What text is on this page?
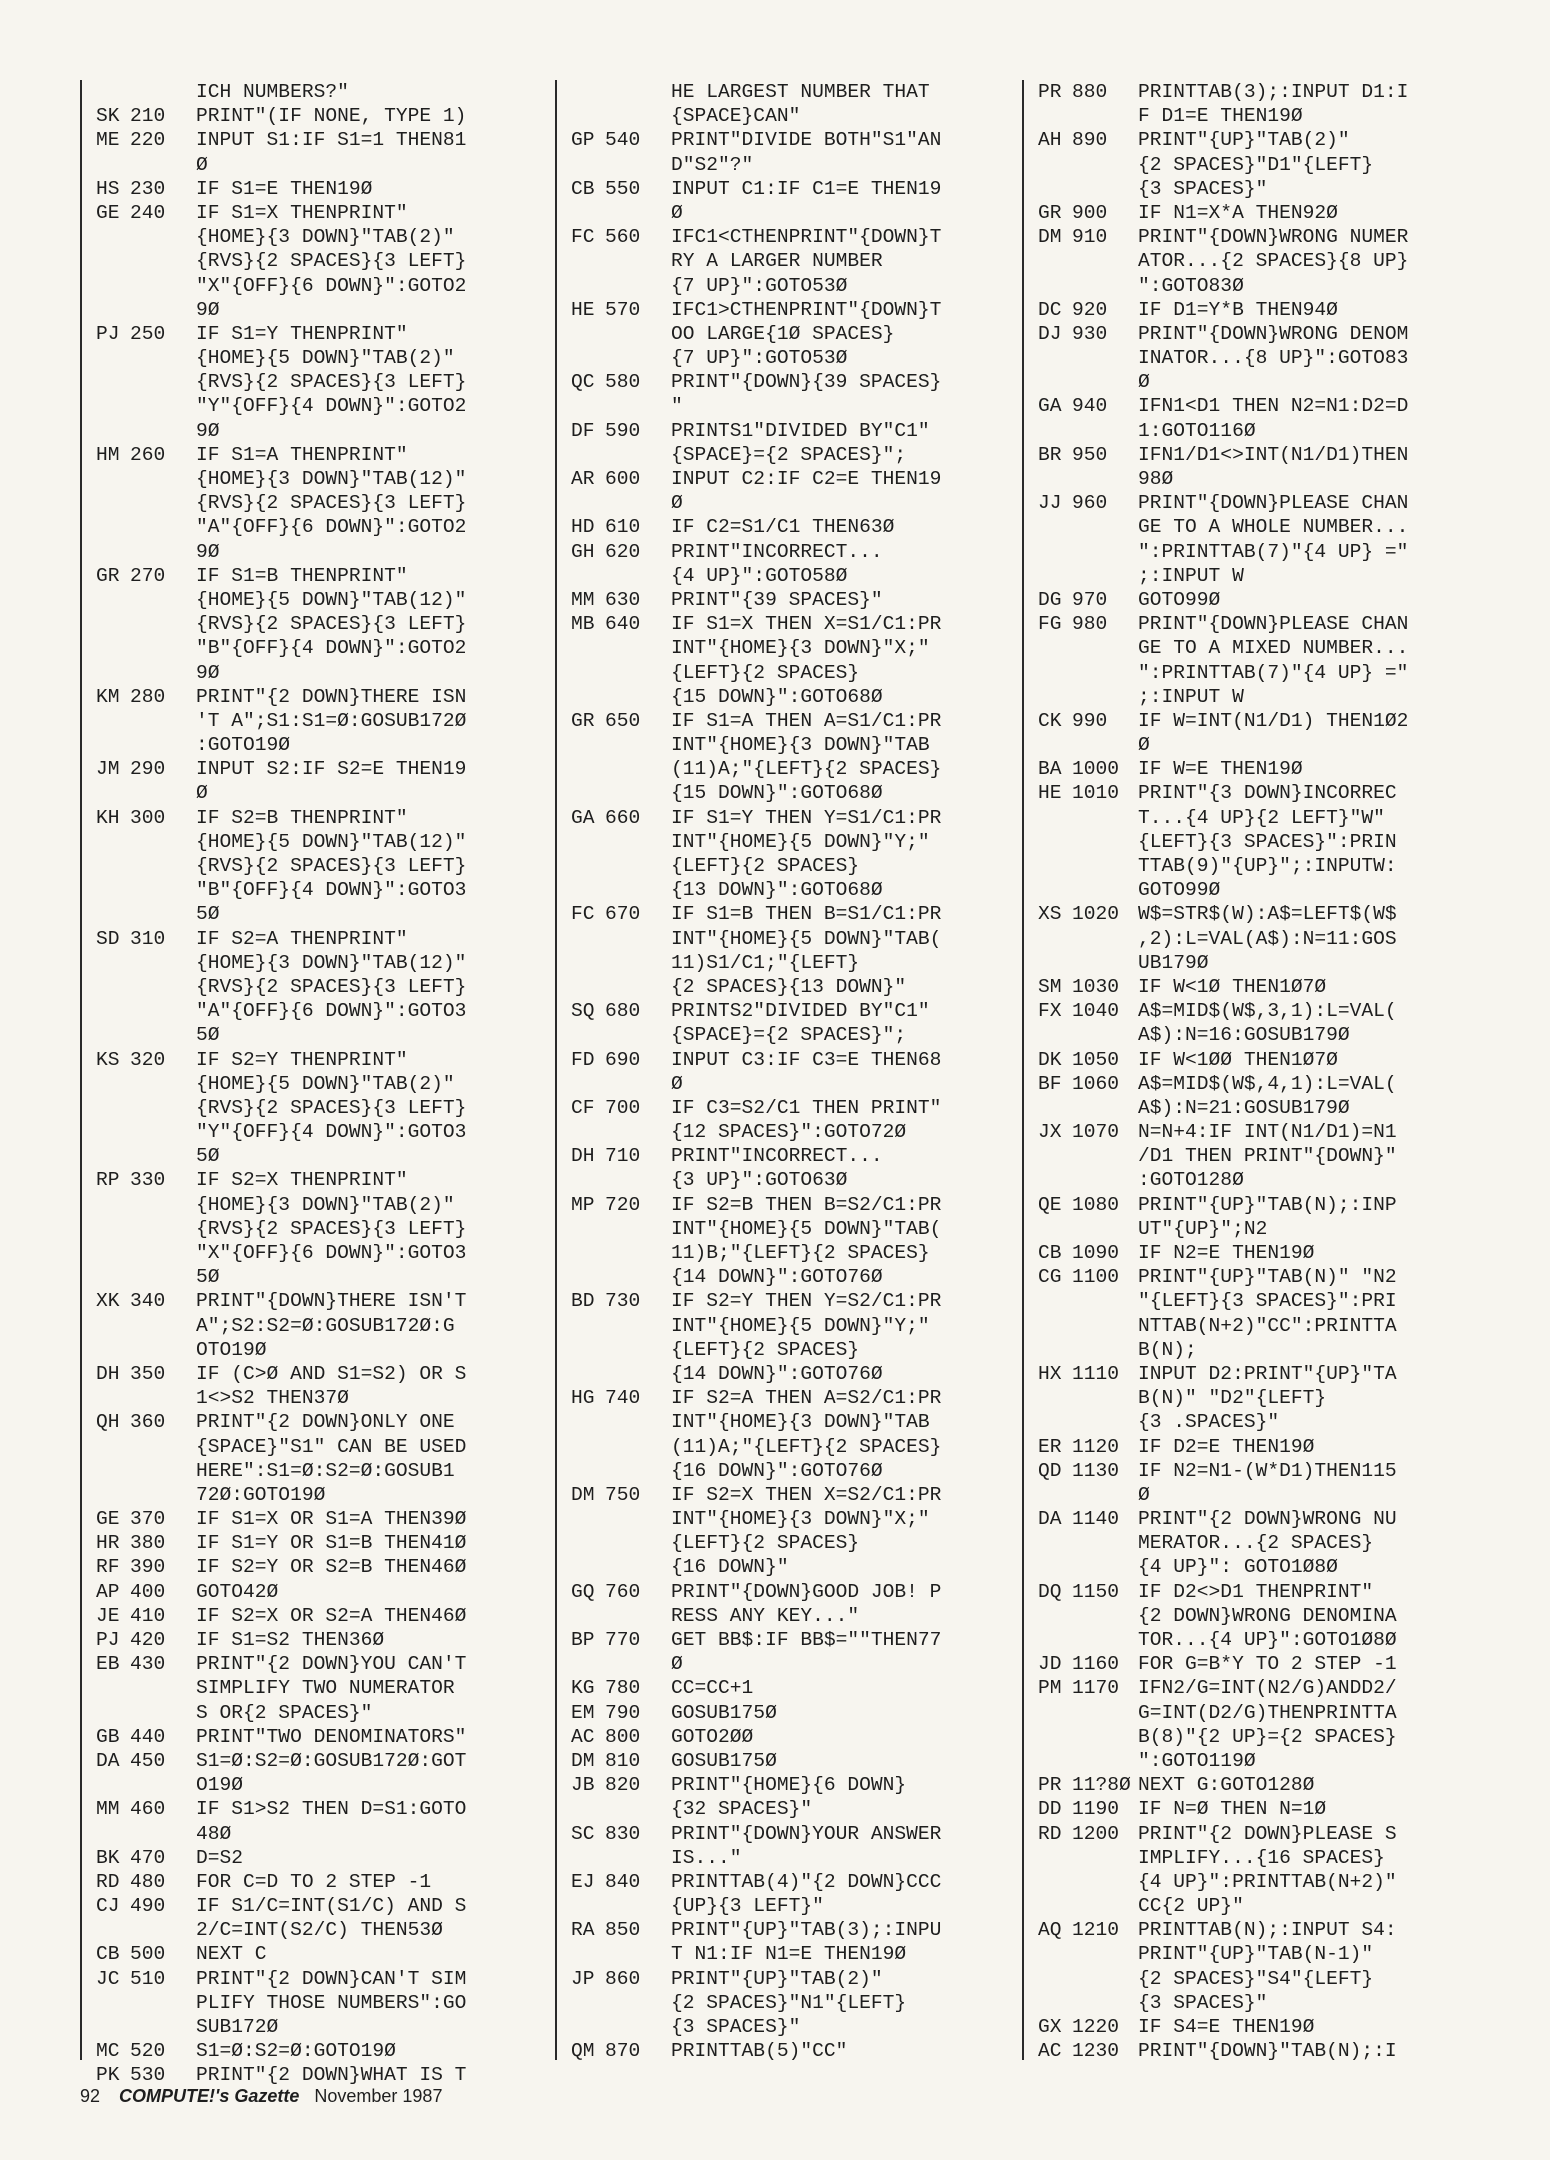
ICH NUMBERS?"
SK 210	PRINT"(IF NONE, TYPE 1)
ME 220	INPUT S1:IF S1=1 THEN81
Ø
HS 230	IF S1=E THEN19Ø
GE 240	IF S1=X THENPRINT"
{HOME}{3 DOWN}"TAB(2)"
{RVS}{2 SPACES}{3 LEFT}
"X"{OFF}{6 DOWN}":GOTO2
9Ø
PJ 250	IF S1=Y THENPRINT"
{HOME}{5 DOWN}"TAB(2)"
{RVS}{2 SPACES}{3 LEFT}
"Y"{OFF}{4 DOWN}":GOTO2
9Ø
HM 260	IF S1=A THENPRINT"
{HOME}{3 DOWN}"TAB(12)"
{RVS}{2 SPACES}{3 LEFT}
"A"{OFF}{6 DOWN}":GOTO2
9Ø
GR 270	IF S1=B THENPRINT"
{HOME}{5 DOWN}"TAB(12)"
{RVS}{2 SPACES}{3 LEFT}
"B"{OFF}{4 DOWN}":GOTO2
9Ø
KM 280	PRINT"{2 DOWN}THERE ISN
'T A";S1:S1=Ø:GOSUB172Ø
:GOTO19Ø
JM 290	INPUT S2:IF S2=E THEN19
Ø
KH 300	IF S2=B THENPRINT"
{HOME}{5 DOWN}"TAB(12)"
{RVS}{2 SPACES}{3 LEFT}
"B"{OFF}{4 DOWN}":GOTO3
5Ø
SD 310	IF S2=A THENPRINT"
{HOME}{3 DOWN}"TAB(12)"
{RVS}{2 SPACES}{3 LEFT}
"A"{OFF}{6 DOWN}":GOTO3
5Ø
KS 320	IF S2=Y THENPRINT"
{HOME}{5 DOWN}"TAB(2)"
{RVS}{2 SPACES}{3 LEFT}
"Y"{OFF}{4 DOWN}":GOTO3
5Ø
RP 330	IF S2=X THENPRINT"
{HOME}{3 DOWN}"TAB(2)"
{RVS}{2 SPACES}{3 LEFT}
"X"{OFF}{6 DOWN}":GOTO3
5Ø
XK 340	PRINT"{DOWN}THERE ISN'T
A";S2:S2=Ø:GOSUB172Ø:G
OTO19Ø
DH 350	IF (C>Ø AND S1=S2) OR S
1<>S2 THEN37Ø
QH 360	PRINT"{2 DOWN}ONLY ONE
{SPACE}"S1" CAN BE USED
HERE":S1=Ø:S2=Ø:GOSUB1
72Ø:GOTO19Ø
GE 370	IF S1=X OR S1=A THEN39Ø
HR 380	IF S1=Y OR S1=B THEN41Ø
RF 390	IF S2=Y OR S2=B THEN46Ø
AP 400	GOTO42Ø
JE 410	IF S2=X OR S2=A THEN46Ø
PJ 420	IF S1=S2 THEN36Ø
EB 430	PRINT"{2 DOWN}YOU CAN'T
SIMPLIFY TWO NUMERATOR
S OR{2 SPACES}"
GB 440	PRINT"TWO DENOMINATORS"
DA 450	S1=Ø:S2=Ø:GOSUB172Ø:GOT
O19Ø
MM 460	IF S1>S2 THEN D=S1:GOTO
48Ø
BK 470	D=S2
RD 480	FOR C=D TO 2 STEP -1
CJ 490	IF S1/C=INT(S1/C) AND S
2/C=INT(S2/C) THEN53Ø
CB 500	NEXT C
JC 510	PRINT"{2 DOWN}CAN'T SIM
PLIFY THOSE NUMBERS":GO
SUB172Ø
MC 520	S1=Ø:S2=Ø:GOTO19Ø
PK 530	PRINT"{2 DOWN}WHAT IS T
HE LARGEST NUMBER THAT
{SPACE}CAN"
GP 540	PRINT"DIVIDE BOTH"S1"AN
D"S2"?"
CB 550	INPUT C1:IF C1=E THEN19
Ø
FC 560	IFC1<CTHENPRINT"{DOWN}T
RY A LARGER NUMBER
{7 UP}":GOTO53Ø
HE 570	IFC1>CTHENPRINT"{DOWN}T
OO LARGE{1Ø SPACES}
{7 UP}":GOTO53Ø
QC 580	PRINT"{DOWN}{39 SPACES}
"
DF 590	PRINTS1"DIVIDED BY"C1"
{SPACE}={2 SPACES}";
AR 600	INPUT C2:IF C2=E THEN19
Ø
HD 610	IF C2=S1/C1 THEN63Ø
GH 620	PRINT"INCORRECT...
{4 UP}":GOTO58Ø
MM 630	PRINT"{39 SPACES}"
MB 640	IF S1=X THEN X=S1/C1:PR
INT"{HOME}{3 DOWN}"X;"
{LEFT}{2 SPACES}
{15 DOWN}":GOTO68Ø
GR 650	IF S1=A THEN A=S1/C1:PR
INT"{HOME}{3 DOWN}"TAB
(11)A;"{LEFT}{2 SPACES}
{15 DOWN}":GOTO68Ø
GA 660	IF S1=Y THEN Y=S1/C1:PR
INT"{HOME}{5 DOWN}"Y;"
{LEFT}{2 SPACES}
{13 DOWN}":GOTO68Ø
FC 670	IF S1=B THEN B=S1/C1:PR
INT"{HOME}{5 DOWN}"TAB(
11)S1/C1;"{LEFT}
{2 SPACES}{13 DOWN}"
SQ 680	PRINTS2"DIVIDED BY"C1"
{SPACE}={2 SPACES}";
FD 690	INPUT C3:IF C3=E THEN68
Ø
CF 700	IF C3=S2/C1 THEN PRINT"
{12 SPACES}":GOTO72Ø
DH 710	PRINT"INCORRECT...
{3 UP}":GOTO63Ø
MP 720	IF S2=B THEN B=S2/C1:PR
INT"{HOME}{5 DOWN}"TAB(
11)B;"{LEFT}{2 SPACES}
{14 DOWN}":GOTO76Ø
BD 730	IF S2=Y THEN Y=S2/C1:PR
INT"{HOME}{5 DOWN}"Y;"
{LEFT}{2 SPACES}
{14 DOWN}":GOTO76Ø
HG 740	IF S2=A THEN A=S2/C1:PR
INT"{HOME}{3 DOWN}"TAB
(11)A;"{LEFT}{2 SPACES}
{16 DOWN}":GOTO76Ø
DM 750	IF S2=X THEN X=S2/C1:PR
INT"{HOME}{3 DOWN}"X;"
{LEFT}{2 SPACES}
{16 DOWN}"
GQ 760	PRINT"{DOWN}GOOD JOB! P
RESS ANY KEY..."
BP 770	GET BB$:IF BB$=""THEN77
Ø
KG 780	CC=CC+1
EM 790	GOSUB175Ø
AC 800	GOTO2ØØ
DM 810	GOSUB175Ø
JB 820	PRINT"{HOME}{6 DOWN}
{32 SPACES}"
SC 830	PRINT"{DOWN}YOUR ANSWER
IS..."
EJ 840	PRINTTAB(4)"{2 DOWN}CCC
{UP}{3 LEFT}"
RA 850	PRINT"{UP}"TAB(3);:INPU
T N1:IF N1=E THEN19Ø
JP 860	PRINT"{UP}"TAB(2)"
{2 SPACES}"N1"{LEFT}
{3 SPACES}"
QM 870	PRINTTAB(5)"CC"
PR 880	PRINTTAB(3);:INPUT D1:I
F D1=E THEN19Ø
AH 890	PRINT"{UP}"TAB(2)"
{2 SPACES}"D1"{LEFT}
{3 SPACES}"
GR 900	IF N1=X*A THEN92Ø
DM 910	PRINT"{DOWN}WRONG NUMER
ATOR...{2 SPACES}{8 UP}
":GOTO83Ø
DC 920	IF D1=Y*B THEN94Ø
DJ 930	PRINT"{DOWN}WRONG DENOM
INATOR...{8 UP}":GOTO83
Ø
GA 940	IFN1<D1 THEN N2=N1:D2=D
1:GOTO116Ø
BR 950	IFN1/D1<>INT(N1/D1)THEN
98Ø
JJ 960	PRINT"{DOWN}PLEASE CHAN
GE TO A WHOLE NUMBER...
":PRINTTAB(7)"{4 UP} ="
;:INPUT W
DG 970	GOTO99Ø
FG 980	PRINT"{DOWN}PLEASE CHAN
GE TO A MIXED NUMBER...
":PRINTTAB(7)"{4 UP} ="
;:INPUT W
CK 990	IF W=INT(N1/D1) THEN1Ø2
Ø
BA 1000 IF W=E THEN19Ø
HE 1010 PRINT"{3 DOWN}INCORREC
T...{4 UP}{2 LEFT}"W"
{LEFT}{3 SPACES}":PRIN
TTAB(9)"{UP}";:INPUTW:
GOTO99Ø
XS 1020 W$=STR$(W):A$=LEFT$(W$
,2):L=VAL(A$):N=11:GOS
UB179Ø
SM 1030 IF W<1Ø THEN1Ø7Ø
FX 1040 A$=MID$(W$,3,1):L=VAL(
A$):N=16:GOSUB179Ø
DK 1050 IF W<1ØØ THEN1Ø7Ø
BF 1060 A$=MID$(W$,4,1):L=VAL(
A$):N=21:GOSUB179Ø
JX 1070 N=N+4:IF INT(N1/D1)=N1
/D1 THEN PRINT"{DOWN}"
:GOTO128Ø
QE 1080 PRINT"{UP}"TAB(N);:INP
UT"{UP}";N2
CB 1090 IF N2=E THEN19Ø
CG 1100 PRINT"{UP}"TAB(N)" "N2
"{LEFT}{3 SPACES}":PRI
NTTAB(N+2)"CC":PRINTTA
B(N);
HX 1110 INPUT D2:PRINT"{UP}"TA
B(N)" "D2"{LEFT}
{3 .SPACES}"
ER 1120 IF D2=E THEN19Ø
QD 1130 IF N2=N1-(W*D1)THEN115
Ø
DA 1140 PRINT"{2 DOWN}WRONG NU
MERATOR...{2 SPACES}
{4 UP}": GOTO1Ø8Ø
DQ 1150 IF D2<>D1 THENPRINT"
{2 DOWN}WRONG DENOMINA
TOR...{4 UP}":GOTO1Ø8Ø
JD 1160 FOR G=B*Y TO 2 STEP -1
PM 1170 IFN2/G=INT(N2/G)ANDD2/
G=INT(D2/G)THENPRINTTA
B(8)"{2 UP}={2 SPACES}
":GOTO119Ø
PR 11?8Ø NEXT G:GOTO128Ø
DD 1190 IF N=Ø THEN N=1Ø
RD 1200 PRINT"{2 DOWN}PLEASE S
IMPLIFY...{16 SPACES}
{4 UP}":PRINTTAB(N+2)"
CC{2 UP}"
AQ 1210 PRINTTAB(N);:INPUT S4:
PRINT"{UP}"TAB(N-1)"
{2 SPACES}"S4"{LEFT}
{3 SPACES}"
GX 1220 IF S4=E THEN19Ø
AC 1230 PRINT"{DOWN}"TAB(N);:I
92 COMPUTE!'s Gazette November 1987
